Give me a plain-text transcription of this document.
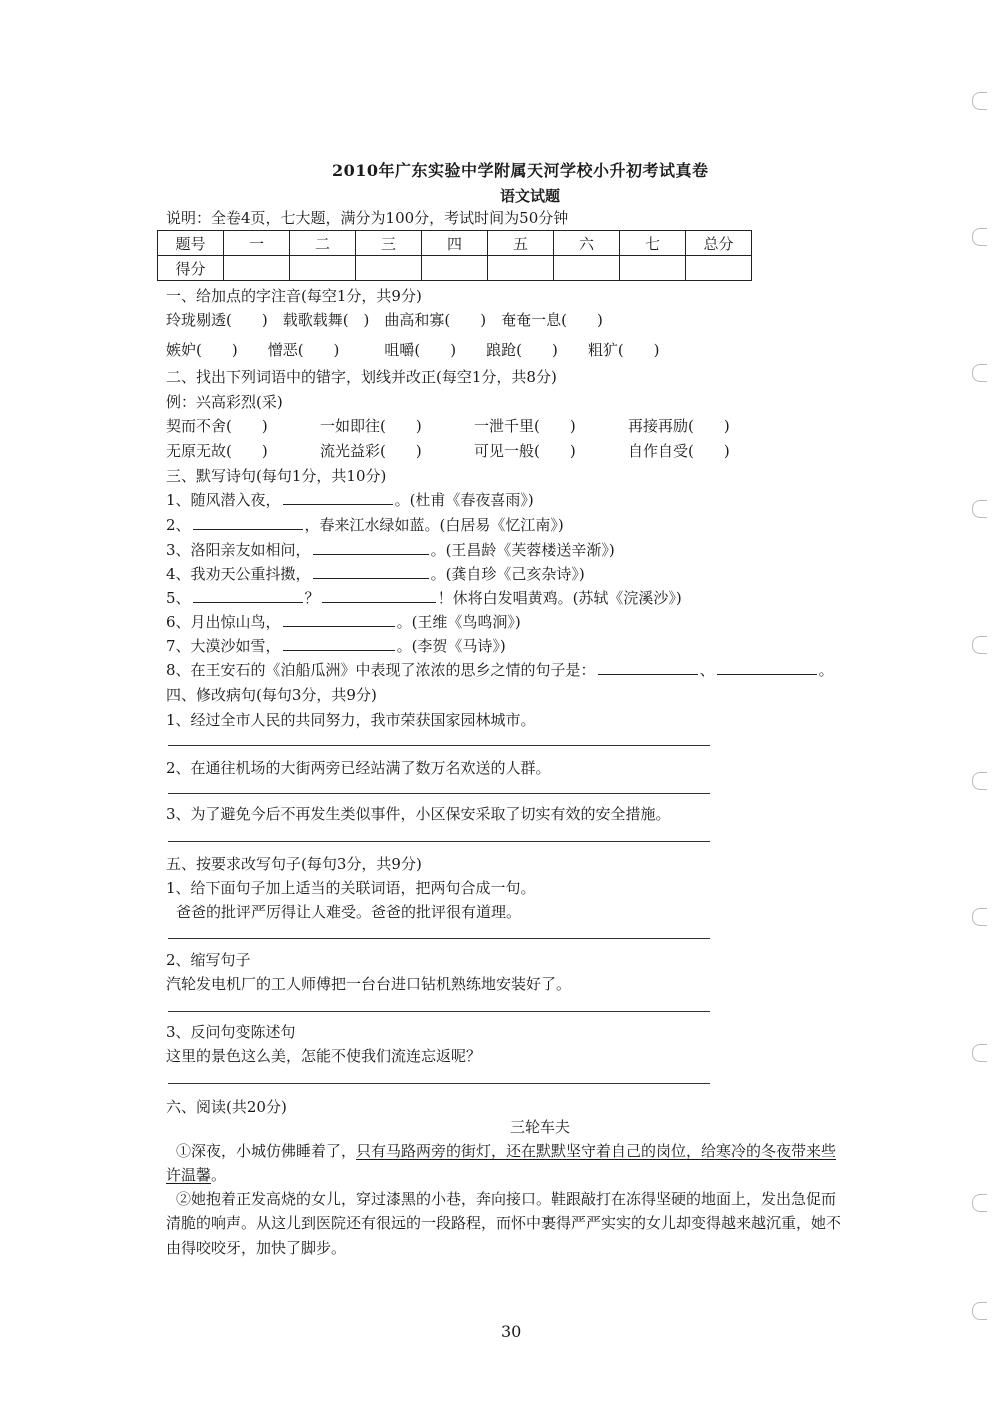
2010年广东实验中学附属天河学校小升初考试真卷
语文试题
说明：全卷4页，七大题，满分为100分，考试时间为50分钟
题号	一	二	三	四	五	六	七	总分
得分								
一、给加点的字注音(每空1分，共9分)
玲珑剔透(　　)　载歌载舞(　)　曲高和寡(　　)　奄奄一息(　　)
嫉妒(　　)　　憎恶(　　)　　　咀嚼(　　)　　踉跄(　　)　　粗犷(　　)
二、找出下列词语中的错字，划线并改正(每空1分，共8分)
例：兴高彩烈(采)
契而不舍(　　)	一如即往(　　)	一泄千里(　　)	再接再励(　　)
无原无故(　　)	流光益彩(　　)	可见一般(　　)	自作自受(　　)
三、默写诗句(每句1分，共10分)
1、随风潜入夜，	。(杜甫《春夜喜雨》)
2、	，春来江水绿如蓝。(白居易《忆江南》)
3、洛阳亲友如相问，	。(王昌龄《芙蓉楼送辛渐》)
4、我劝天公重抖擞，	。(龚自珍《己亥杂诗》)
5、	？	！休将白发唱黄鸡。(苏轼《浣溪沙》)
6、月出惊山鸟，	。(王维《鸟鸣涧》)
7、大漠沙如雪，	。(李贺《马诗》)
8、在王安石的《泊船瓜洲》中表现了浓浓的思乡之情的句子是：	、	。
四、修改病句(每句3分，共9分)
1、经过全市人民的共同努力，我市荣获国家园林城市。
2、在通往机场的大街两旁已经站满了数万名欢送的人群。
3、为了避免今后不再发生类似事件，小区保安采取了切实有效的安全措施。
五、按要求改写句子(每句3分，共9分)
1、给下面句子加上适当的关联词语，把两句合成一句。
爸爸的批评严厉得让人难受。爸爸的批评很有道理。
2、缩写句子
汽轮发电机厂的工人师傅把一台台进口钻机熟练地安装好了。
3、反问句变陈述句
这里的景色这么美，怎能不使我们流连忘返呢？
六、阅读(共20分)
三轮车夫
①深夜，小城仿佛睡着了，只有马路两旁的街灯，还在默默坚守着自己的岗位，给寒冷的冬夜带来些
许温馨。
②她抱着正发高烧的女儿，穿过漆黑的小巷，奔向接口。鞋跟敲打在冻得坚硬的地面上，发出急促而
清脆的响声。从这儿到医院还有很远的一段路程，而怀中裹得严严实实的女儿却变得越来越沉重，她不
由得咬咬牙，加快了脚步。
30
